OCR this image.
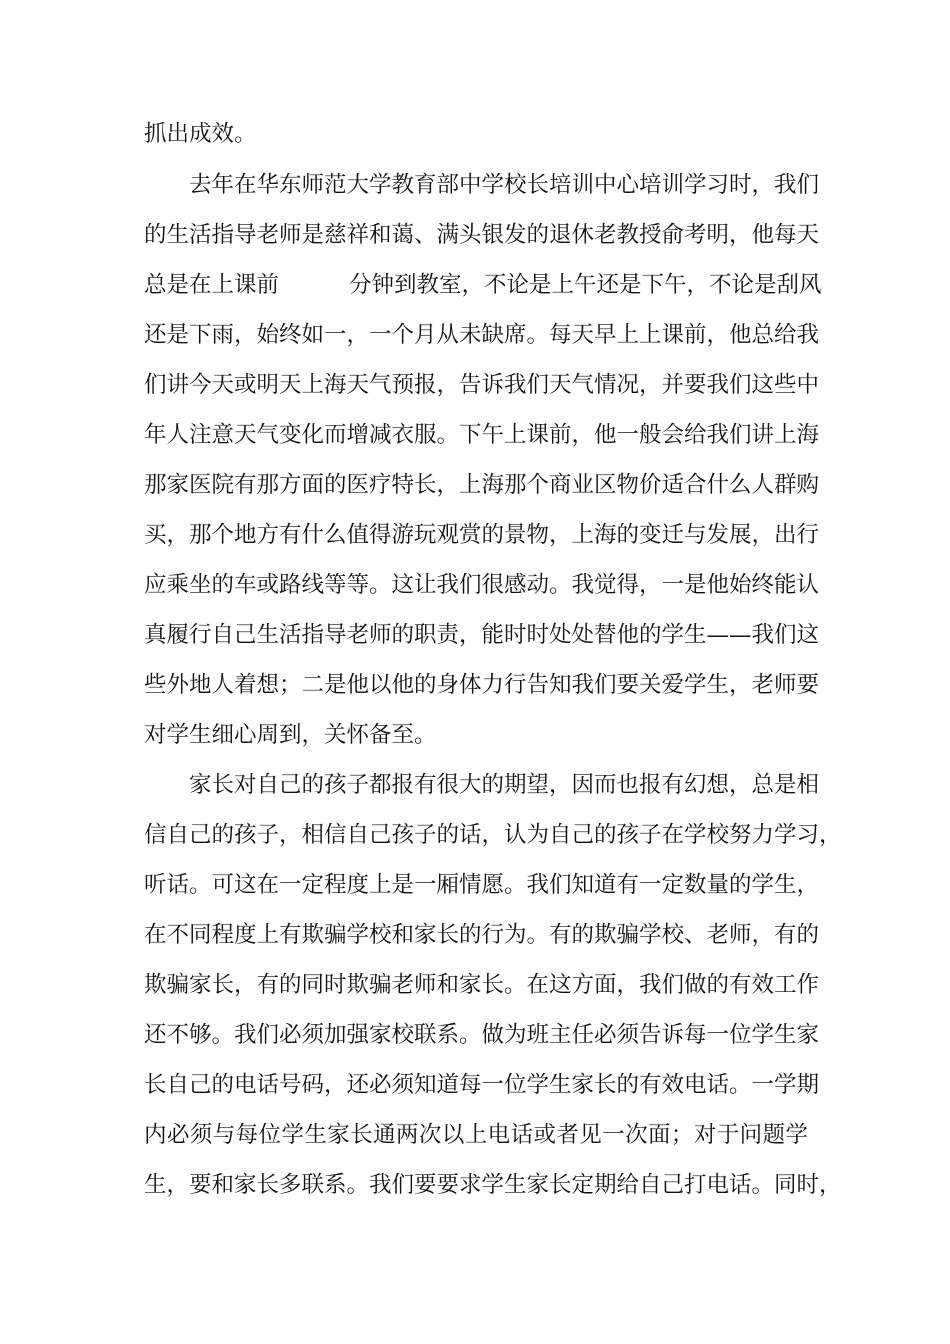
抓出成效。
去年在华东师范大学教育部中学校长培训中心培训学习时，我们
的生活指导老师是慈祥和蔼、满头银发的退休老教授俞考明，他每天
总是在上课前	分钟到教室，不论是上午还是下午，不论是刮风
还是下雨，始终如一，一个月从未缺席。每天早上上课前，他总给我
们讲今天或明天上海天气预报，告诉我们天气情况，并要我们这些中
年人注意天气变化而增减衣服。下午上课前，他一般会给我们讲上海
那家医院有那方面的医疗特长，上海那个商业区物价适合什么人群购
买，那个地方有什么值得游玩观赏的景物，上海的变迁与发展，出行
应乘坐的车或路线等等。这让我们很感动。我觉得，一是他始终能认
真履行自己生活指导老师的职责，能时时处处替他的学生——我们这
些外地人着想；二是他以他的身体力行告知我们要关爱学生，老师要
对学生细心周到，关怀备至。
家长对自己的孩子都报有很大的期望，因而也报有幻想，总是相
信自己的孩子，相信自己孩子的话，认为自己的孩子在学校努力学习，
听话。可这在一定程度上是一厢情愿。我们知道有一定数量的学生，
在不同程度上有欺骗学校和家长的行为。有的欺骗学校、老师，有的
欺骗家长，有的同时欺骗老师和家长。在这方面，我们做的有效工作
还不够。我们必须加强家校联系。做为班主任必须告诉每一位学生家
长自己的电话号码，还必须知道每一位学生家长的有效电话。一学期
内必须与每位学生家长通两次以上电话或者见一次面；对于问题学
生，要和家长多联系。我们要要求学生家长定期给自己打电话。同时，
